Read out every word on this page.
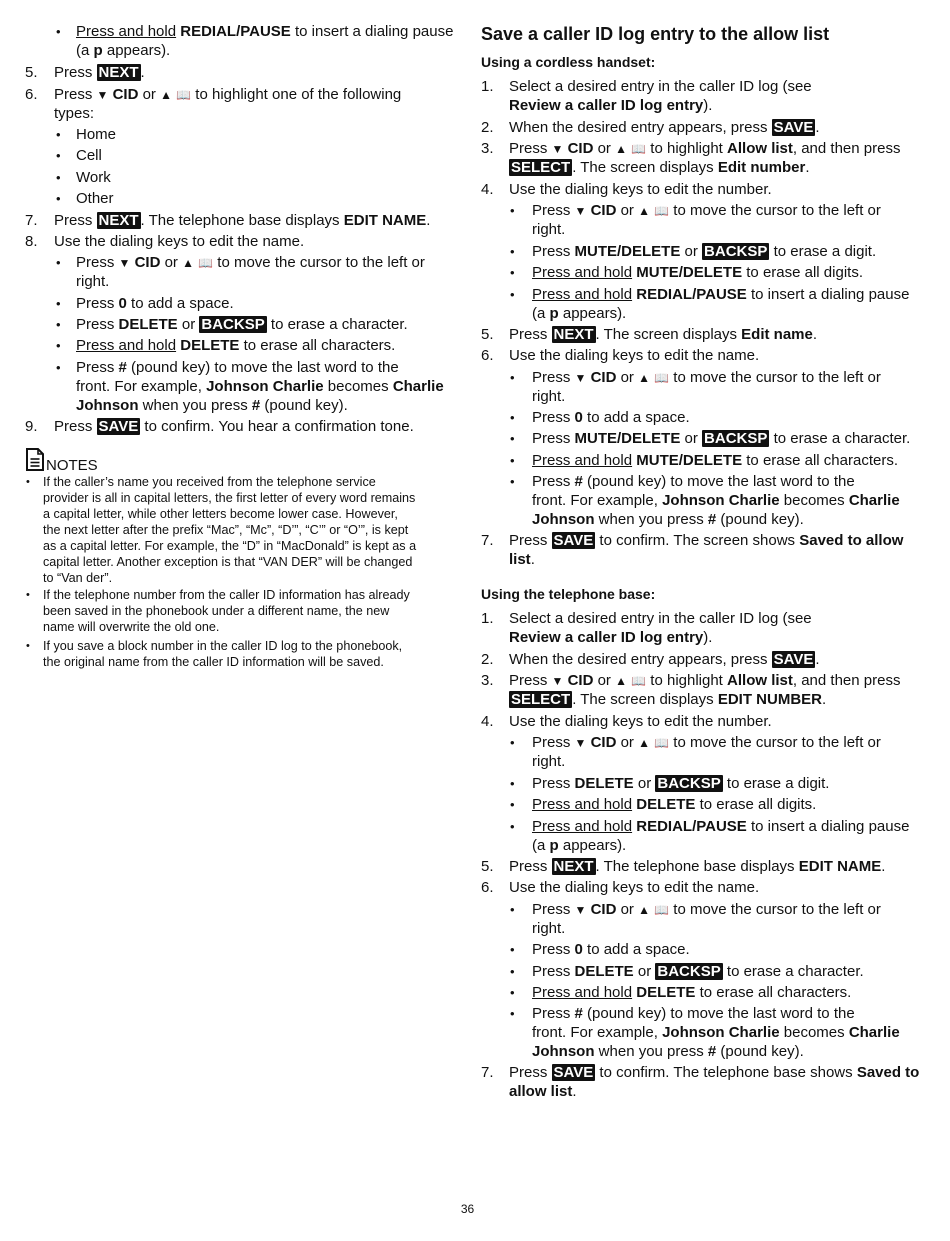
• Press and hold REDIAL/PAUSE to insert a dialing pause
(a p appears).
5. Press NEXT .
6. Press ▼ CID or ▲ 📖 to highlight one of the following
types:
• Home
• Cell
• Work
• Other
7. Press NEXT . The telephone base displays EDIT NAME.
8. Use the dialing keys to edit the name.
• Press ▼ CID or ▲ 📖 to move the cursor to the left or
right.
• Press 0 to add a space.
• Press DELETE or BACKSP to erase a character.
• Press and hold DELETE to erase all characters.
• Press # (pound key) to move the last word to the
front. For example, Johnson Charlie becomes Charlie
Johnson when you press # (pound key).
9. Press SAVE to confirm. You hear a confirmation tone.
NOTES
• If the caller’s name you received from the telephone service
provider is all in capital letters, the first letter of every word remains
a capital letter, while other letters become lower case. However,
the next letter after the prefix “Mac”, “Mc”, “D’”, “C’” or “O’”, is kept
as a capital letter. For example, the “D” in “MacDonald” is kept as a
capital letter. Another exception is that “VAN DER” will be changed
to “Van der”.
• If the telephone number from the caller ID information has already
been saved in the phonebook under a different name, the new
name will overwrite the old one.
• If you save a block number in the caller ID log to the phonebook,
the original name from the caller ID information will be saved.
Save a caller ID log entry to the allow list
Using a cordless handset:
1. Select a desired entry in the caller ID log (see
Review a caller ID log entry).
2. When the desired entry appears, press SAVE .
3. Press ▼ CID or ▲ 📖 to highlight Allow list, and then press
SELECT . The screen displays Edit number.
4. Use the dialing keys to edit the number.
• Press ▼ CID or ▲ 📖 to move the cursor to the left or
right.
• Press MUTE/DELETE or BACKSP to erase a digit.
• Press and hold MUTE/DELETE to erase all digits.
• Press and hold REDIAL/PAUSE to insert a dialing pause
(a p appears).
5. Press NEXT . The screen displays Edit name.
6. Use the dialing keys to edit the name.
• Press ▼ CID or ▲ 📖 to move the cursor to the left or
right.
• Press 0 to add a space.
• Press MUTE/DELETE or BACKSP to erase a character.
• Press and hold MUTE/DELETE to erase all characters.
• Press # (pound key) to move the last word to the
front. For example, Johnson Charlie becomes Charlie
Johnson when you press # (pound key).
7. Press SAVE to confirm. The screen shows Saved to allow
list.
Using the telephone base:
1. Select a desired entry in the caller ID log (see
Review a caller ID log entry).
2. When the desired entry appears, press SAVE .
3. Press ▼ CID or ▲ 📖 to highlight Allow list, and then press
SELECT . The screen displays EDIT NUMBER.
4. Use the dialing keys to edit the number.
• Press ▼ CID or ▲ 📖 to move the cursor to the left or
right.
• Press DELETE or BACKSP to erase a digit.
• Press and hold DELETE to erase all digits.
• Press and hold REDIAL/PAUSE to insert a dialing pause
(a p appears).
5. Press NEXT . The telephone base displays EDIT NAME.
6. Use the dialing keys to edit the name.
• Press ▼ CID or ▲ 📖 to move the cursor to the left or
right.
• Press 0 to add a space.
• Press DELETE or BACKSP to erase a character.
• Press and hold DELETE to erase all characters.
• Press # (pound key) to move the last word to the
front. For example, Johnson Charlie becomes Charlie
Johnson when you press # (pound key).
7. Press SAVE to confirm. The telephone base shows Saved to
allow list.
36
